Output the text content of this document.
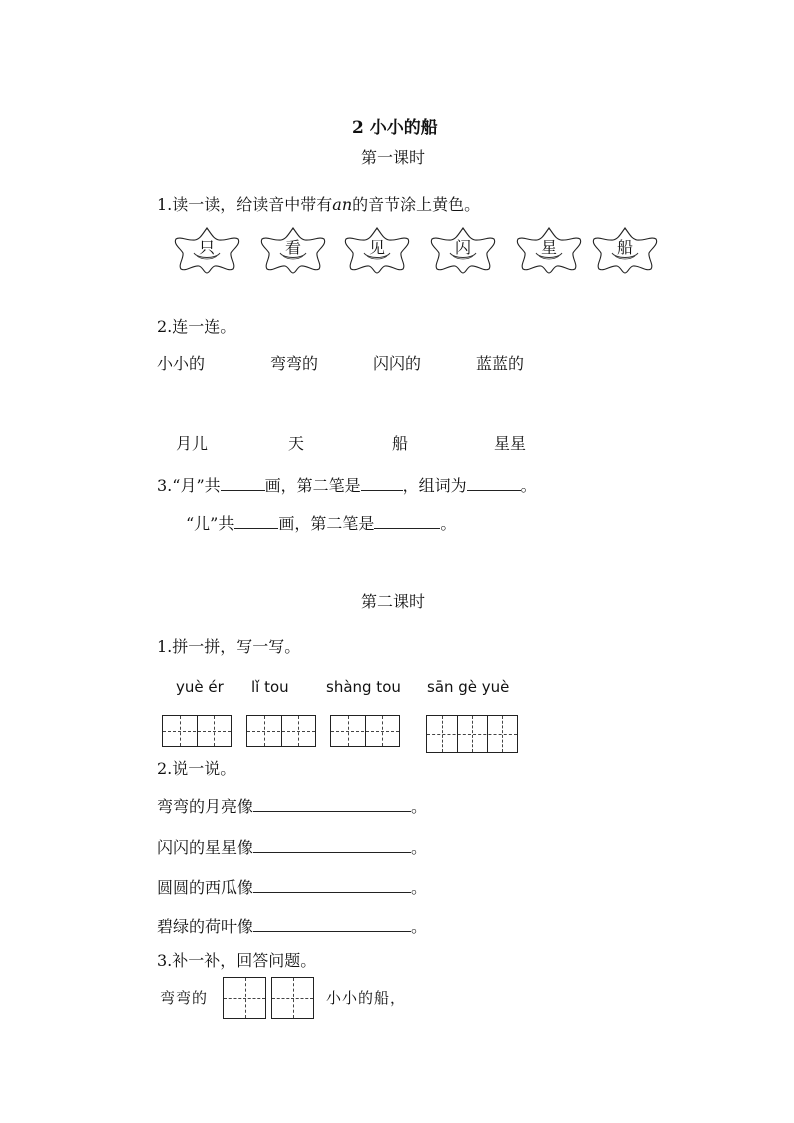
2 小小的船
第一课时
1.读一读，给读音中带有an的音节涂上黄色。
只	看	见	闪	星	船
2.连一连。
小小的	弯弯的	闪闪的	蓝蓝的
月儿	天	船	星星
3.“月”共	画，第二笔是	，组词为	。
“儿”共	画，第二笔是	。
第二课时
1.拼一拼，写一写。
yuè ér lǐ tou shàng tou sān gè yuè
2.说一说。
弯弯的月亮像	。
闪闪的星星像	。
圆圆的西瓜像	。
碧绿的荷叶像	。
3.补一补，回答问题。
弯弯的	小小的船，
